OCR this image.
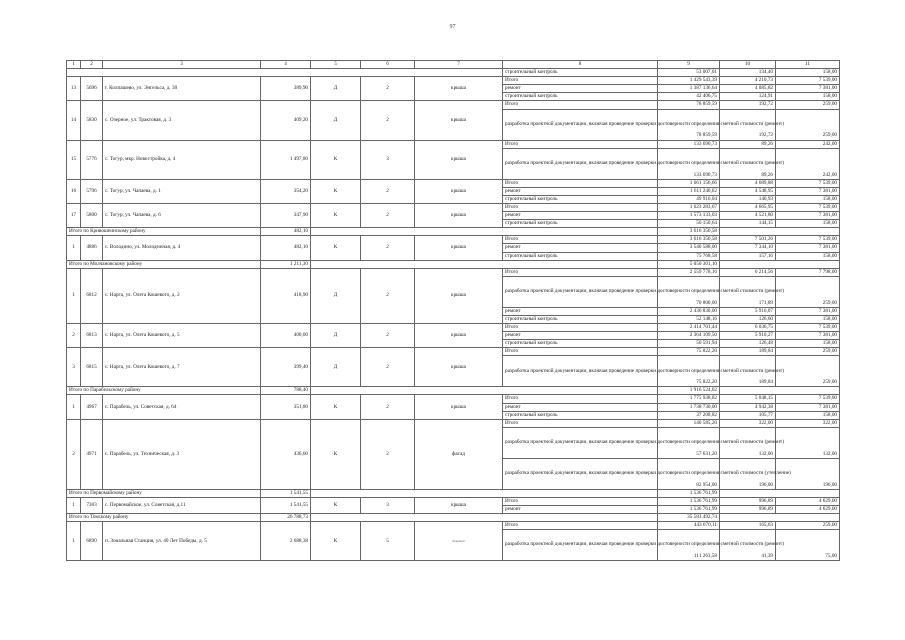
97
1	2	3	4	5	6	7	8	9	10	11
							строительный контроль	53 007,01	134,40	158,00
13	5696	г. Колпашево, ул. Энгельса, д. 30	389,90	Д	2	крыша	Итого	1 429 543,39	4 210,73	7 539,00
							ремонт	1 387 136,64	4 085,82	7 381,00
							строительный контроль	42 406,75	124,91	158,00
14	5830	с. Озерное, ул. Трактовая, д. 3	409,20	Д	2	крыша	Итого	78 859,59	192,72	259,00
							разработка проектной документации, включая проведение проверки достоверности определения сметной стоимости (ремонт)	78 859,59	192,72	259,00
15	5776	с. Тогур, мкр. Новостройка, д. 4	1 497,80	К	3	крыша	Итого	133 690,73	89,26	242,00
							разработка проектной документации, включая проведение проверки достоверности определения сметной стоимости (ремонт)	133 690,73	89,26	242,00
16	5796	с. Тогур, ул. Чапаева, д. 1	354,20	К	2	крыша	Итого	1 661 156,66	4 689,88	7 539,00
							ремонт	1 611 240,62	4 548,95	7 381,00
							строительный контроль	49 916,04	140,93	158,00
17	5800	с. Тогур, ул. Чапаева, д. 6	347,90	К	2	крыша	Итого	1 623 283,67	4 665,95	7 539,00
							ремонт	1 573 133,03	4 521,80	7 381,00
							строительный контроль	50 150,64	144,15	158,00
Итого по Кривошеинскому району			482,10					3 616 356,58		
1	4886	с. Володино, ул. Молодежная, д. 4	482,10	К	2	крыша	Итого	3 616 356,58	7 501,26	7 539,00
							ремонт	3 540 588,00	7 344,10	7 381,00
							строительный контроль	75 768,58	157,16	158,00
Итого по Молчановскому району			1 211,30					5 050 301,10		
1	6812	с. Нарга, ул. Олега Кошевого, д. 2	418,90	Д	2	крыша	Итого	2 559 778,16	6 214,56	7 798,00
							разработка проектной документации, включая проведение проверки достоверности определения сметной стоимости (ремонт)	70 800,00	171,89	259,00
							ремонт	2 436 830,00	5 916,07	7 381,00
							строительный контроль	52 148,16	126,60	158,00
2	6813	с. Нарга, ул. Олега Кошевого, д. 5	400,00	Д	2	крыша	Итого	2 414 701,44	6 036,75	7 539,00
							ремонт	2 364 109,50	5 910,27	7 381,00
							строительный контроль	50 591,94	126,48	158,00
3	6815	с. Нарга, ул. Олега Кошевого, д. 7	399,40	Д	2	крыша	Итого	75 822,20	189,84	259,00
							разработка проектной документации, включая проведение проверки достоверности определения сметной стоимости (ремонт)	75 822,20	189,84	259,00
Итого по Парабельскому району			788,40					1 916 524,02		
1	4967	с. Парабель, ул. Советская, д. 64	351,80	К	2	крыша	Итого	1 775 938,82	5 048,15	7 539,00
							ремонт	1 738 730,00	4 942,38	7 381,00
							строительный контроль	37 208,82	105,77	158,00
2	4971	с. Парабель, ул. Техническая, д. 3	436,60	К	2	фасад	Итого	140 585,20	322,00	322,00
							разработка проектной документации, включая проведение проверки достоверности определения сметной стоимости (ремонт)	57 631,20	132,00	132,00
							разработка проектной документации, включая проведение проверки достоверности определения сметной стоимости (утепление)	82 954,00	190,00	190,00
Итого по Первомайскому району			1 541,55					1 536 761,99		
1	7383	с. Первомайское, ул. Советская, д.11	1 541,55	К	3	крыша	Итого	1 536 761,99	996,89	4 629,00
							ремонт	1 536 761,99	996,89	4 629,00
Итого по Томскому району			26 788,73					35 583 492,74		
1	6890	п. Зональная Станция, ул. 40 Лет Победы, д. 5	2 688,38	К	5	Документ	Итого	443 670,11	165,03	259,00
							разработка проектной документации, включая проведение проверки достоверности определения сметной стоимости (ремонт)	111 263,58	41,39	75,00
